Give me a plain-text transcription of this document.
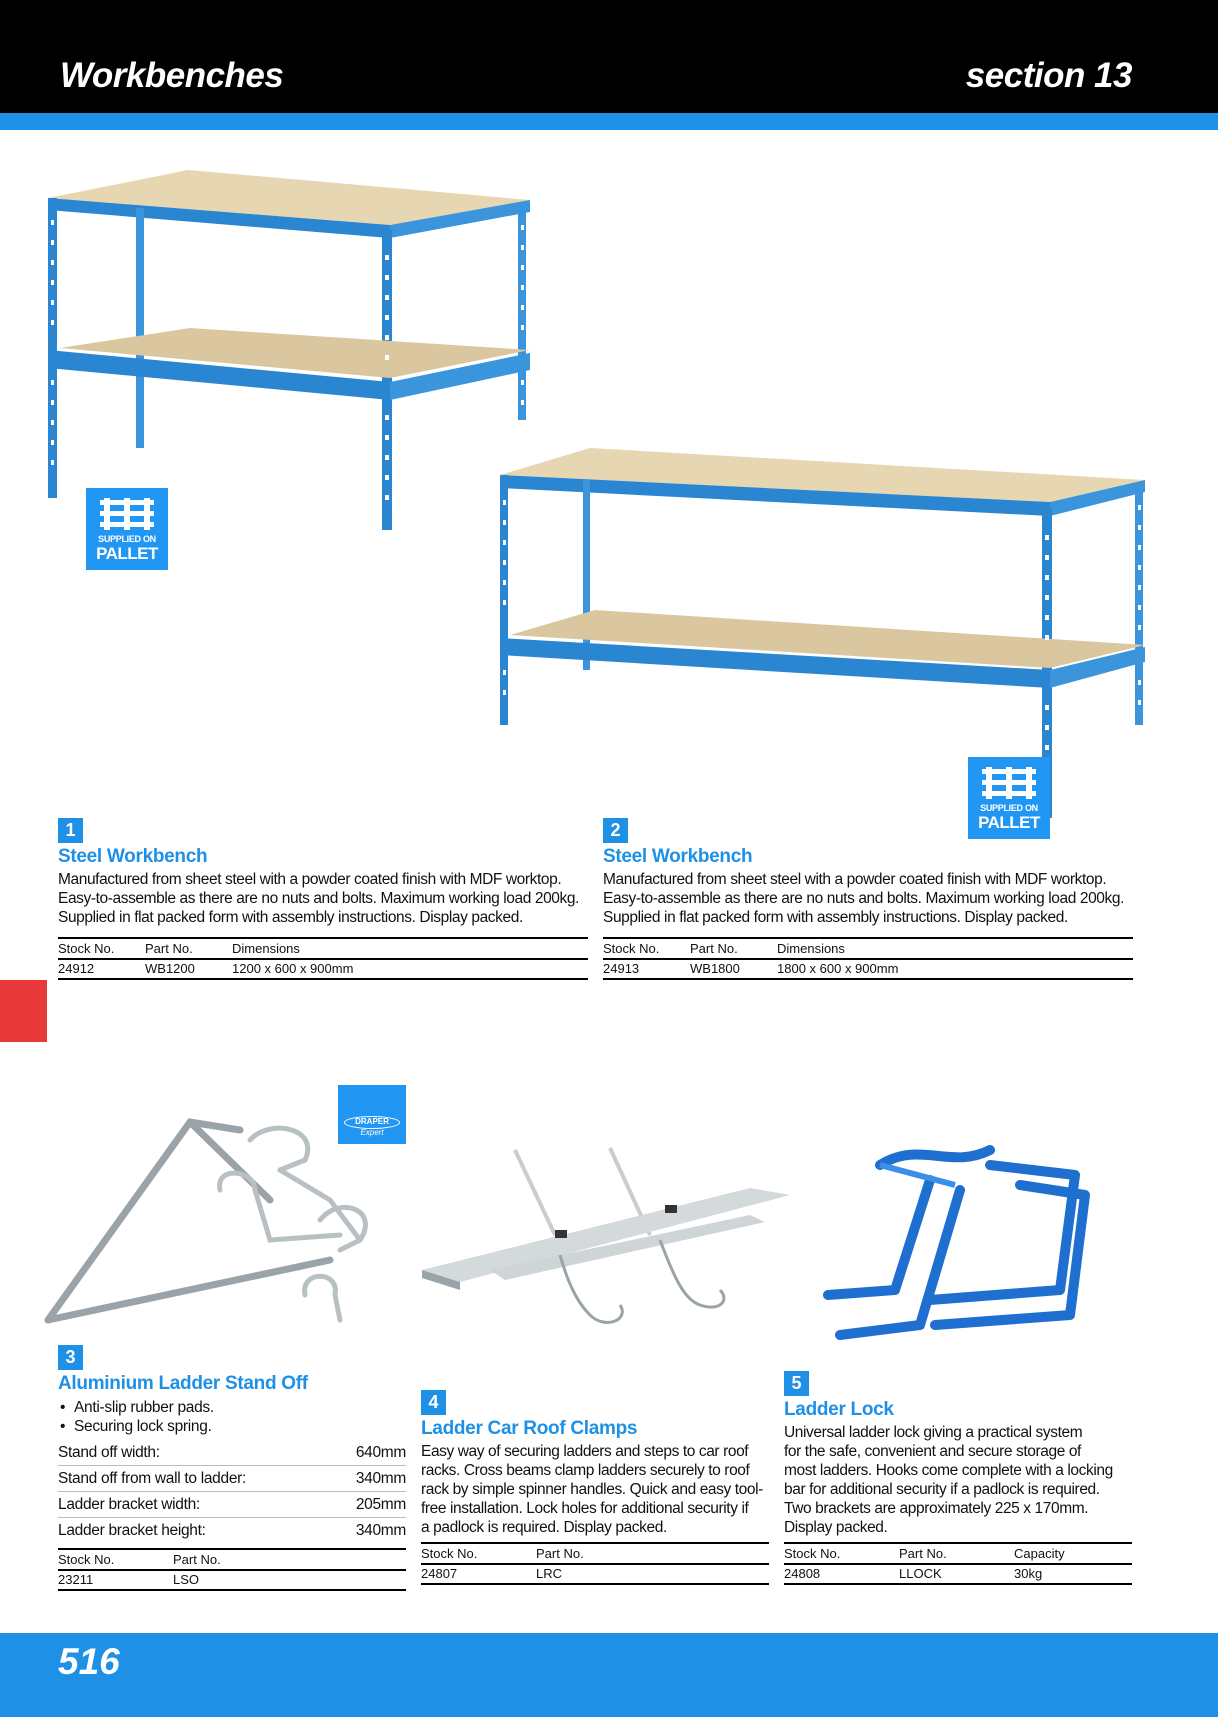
Workbenches	section 13
SUPPLIED ON
PALLET
SUPPLIED ON
PALLET
DRAPER
Expert
1
Steel Workbench
Manufactured from sheet steel with a powder coated finish with MDF worktop.
Easy-to-assemble as there are no nuts and bolts. Maximum working load 200kg.
Supplied in flat packed form with assembly instructions. Display packed.
Stock No.	Part No.	Dimensions
24912	WB1200	1200 x 600 x 900mm
2
Steel Workbench
Manufactured from sheet steel with a powder coated finish with MDF worktop.
Easy-to-assemble as there are no nuts and bolts. Maximum working load 200kg.
Supplied in flat packed form with assembly instructions. Display packed.
Stock No.	Part No.	Dimensions
24913	WB1800	1800 x 600 x 900mm
3
Aluminium Ladder Stand Off
• Anti-slip rubber pads.
• Securing lock spring.
Stand off width:	640mm
Stand off from wall to ladder:	340mm
Ladder bracket width:	205mm
Ladder bracket height:	340mm
Stock No.	Part No.
23211	LSO
4
Ladder Car Roof Clamps
Easy way of securing ladders and steps to car roof
racks. Cross beams clamp ladders securely to roof
rack by simple spinner handles. Quick and easy tool-
free installation. Lock holes for additional security if
a padlock is required. Display packed.
Stock No.	Part No.
24807	LRC
5
Ladder Lock
Universal ladder lock giving a practical system
for the safe, convenient and secure storage of
most ladders. Hooks come complete with a locking
bar for additional security if a padlock is required.
Two brackets are approximately 225 x 170mm.
Display packed.
Stock No.	Part No.	Capacity
24808	LLOCK	30kg
516
